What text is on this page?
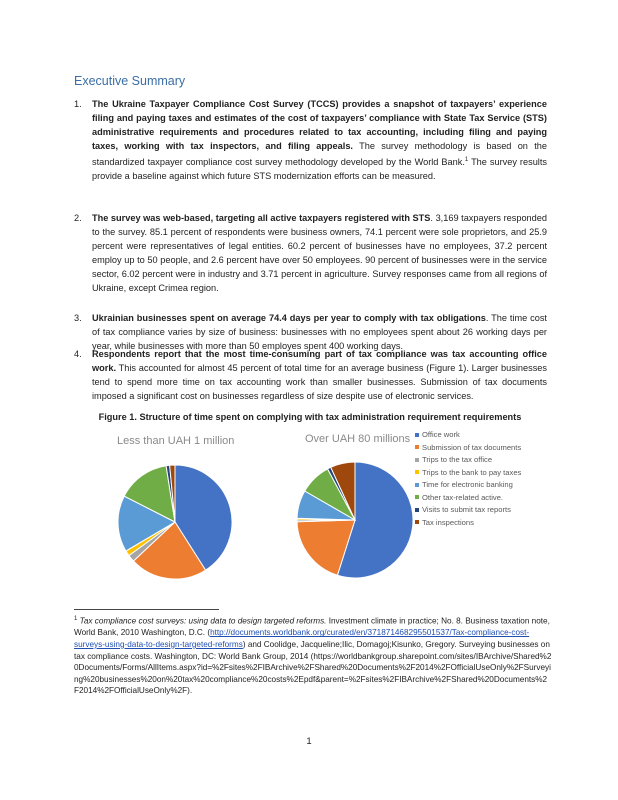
Executive Summary
1.	The Ukraine Taxpayer Compliance Cost Survey (TCCS) provides a snapshot of taxpayers’ experience filing and paying taxes and estimates of the cost of taxpayers’ compliance with State Tax Service (STS) administrative requirements and procedures related to tax accounting, including filing and paying taxes, working with tax inspectors, and filing appeals. The survey methodology is based on the standardized taxpayer compliance cost survey methodology developed by the World Bank.$^1$ The survey results provide a baseline against which future STS modernization efforts can be measured.
2.	The survey was web-based, targeting all active taxpayers registered with STS. 3,169 taxpayers responded to the survey. 85.1 percent of respondents were business owners, 74.1 percent were sole proprietors, and 25.9 percent were representatives of legal entities. 60.2 percent of businesses have no employees, 37.2 percent employ up to 50 people, and 2.6 percent have over 50 employees. 90 percent of businesses were in the service sector, 6.02 percent were in industry and 3.71 percent in agriculture. Survey responses came from all regions of Ukraine, except Crimea region.
3.	Ukrainian businesses spent on average 74.4 days per year to comply with tax obligations. The time cost of tax compliance varies by size of business: businesses with no employees spent about 26 working days per year, while businesses with more than 50 employes spent 400 working days.
4.	Respondents report that the most time-consuming part of tax compliance was tax accounting office work. This accounted for almost 45 percent of total time for an average business (Figure 1). Larger businesses tend to spend more time on tax accounting work than smaller businesses. Submission of tax documents imposed a significant cost on businesses regardless of size despite use of electronic services.
Figure 1. Structure of time spent on complying with tax administration requirement requirements
Less than UAH 1 million	Over UAH 80 millions	Office work
Submission of tax documents
Trips to the tax office
Trips to the bank to pay taxes
Time for electronic banking
Other tax-related active.
Visits to submit tax reports
Tax inspections
$^1$ Tax compliance cost surveys: using data to design targeted reforms. Investment climate in practice; No. 8. Business taxation note, World Bank, 2010 Washington, D.C. (http://documents.worldbank.org/curated/en/371871468295501537/Tax-compliance-cost-surveys-using-data-to-design-targeted-reforms) and Coolidge, Jacqueline;Ilic, Domagoj;Kisunko, Gregory. Surveying businesses on tax compliance costs. Washington, DC: World Bank Group, 2014 (https://worldbankgroup.sharepoint.com/sites/IBArchive/Shared%20Documents/Forms/AllItems.aspx?id=%2Fsites%2FIBArchive%2FShared%20Documents%2F2014%2FOfficialUseOnly%2FSurveying%20businesses%20on%20tax%20compliance%20costs%2Epdf&parent=%2Fsites%2FIBArchive%2FShared%20Documents%2F2014%2FOfficialUseOnly%2F).
1
